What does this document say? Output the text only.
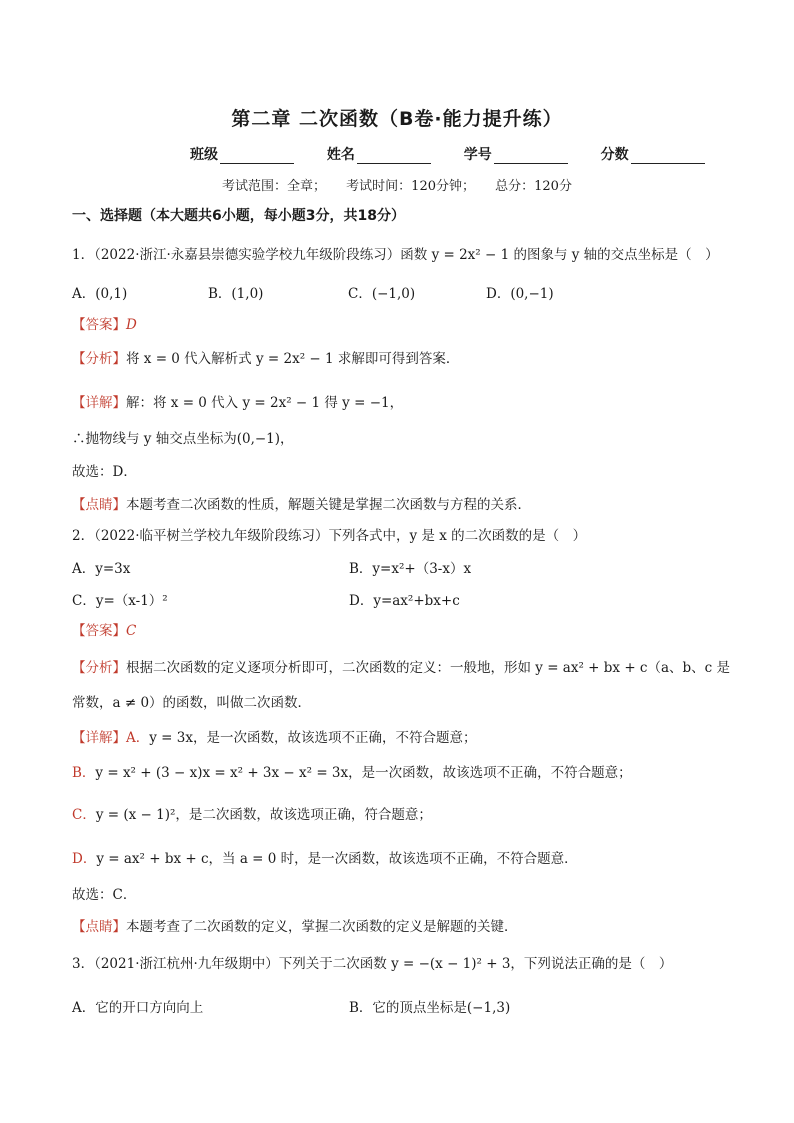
第二章 二次函数（B卷·能力提升练）
班级	姓名	学号	分数
考试范围：全章； 考试时间：120分钟； 总分：120分
一、选择题（本大题共6小题，每小题3分，共18分）
1．（2022·浙江·永嘉县崇德实验学校九年级阶段练习）函数 y = 2x² − 1 的图象与 y 轴的交点坐标是（　）
A．(0,1)	B．(1,0)	C．(−1,0)	D．(0,−1)
【答案】D
【分析】将 x = 0 代入解析式 y = 2x² − 1 求解即可得到答案．
【详解】解：将 x = 0 代入 y = 2x² − 1 得 y = −1，
∴抛物线与 y 轴交点坐标为(0,−1)，
故选：D．
【点睛】本题考查二次函数的性质，解题关键是掌握二次函数与方程的关系．
2．（2022·临平树兰学校九年级阶段练习）下列各式中，y 是 x 的二次函数的是（　）
A．y=3x	B．y=x²+（3-x）x
C．y=（x-1）²	D．y=ax²+bx+c
【答案】C
【分析】根据二次函数的定义逐项分析即可，二次函数的定义：一般地，形如 y = ax² + bx + c（a、b、c 是
常数，a ≠ 0）的函数，叫做二次函数．
【详解】A．y = 3x，是一次函数，故该选项不正确，不符合题意；
B．y = x² + (3 − x)x = x² + 3x − x² = 3x，是一次函数，故该选项不正确，不符合题意；
C．y = (x − 1)²，是二次函数，故该选项正确，符合题意；
D．y = ax² + bx + c，当 a = 0 时，是一次函数，故该选项不正确，不符合题意．
故选：C．
【点睛】本题考查了二次函数的定义，掌握二次函数的定义是解题的关键．
3．（2021·浙江杭州·九年级期中）下列关于二次函数 y = −(x − 1)² + 3，下列说法正确的是（　）
A．它的开口方向向上	B．它的顶点坐标是(−1,3)
